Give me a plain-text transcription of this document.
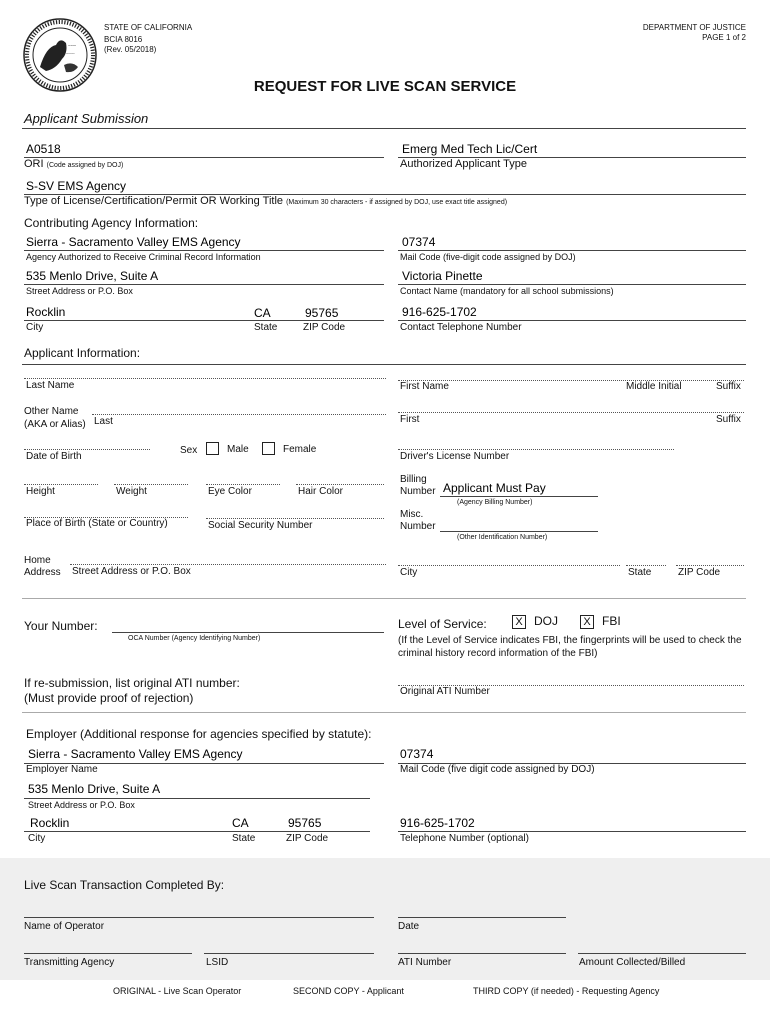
~~~
~~~~
STATE OF CALIFORNIA
BCIA 8016
(Rev. 05/2018)
DEPARTMENT OF JUSTICE
PAGE 1 of 2
REQUEST FOR LIVE SCAN SERVICE
Applicant Submission
A0518
ORI (Code assigned by DOJ)
Emerg Med Tech Lic/Cert
Authorized Applicant Type
S-SV EMS Agency
Type of License/Certification/Permit OR Working Title (Maximum 30 characters - if assigned by DOJ, use exact title assigned)
Contributing Agency Information:
Sierra - Sacramento Valley EMS Agency
Agency Authorized to Receive Criminal Record Information
07374
Mail Code (five-digit code assigned by DOJ)
535 Menlo Drive, Suite A
Street Address or P.O. Box
Victoria Pinette
Contact Name (mandatory for all school submissions)
Rocklin	CA	95765
City	State	ZIP Code
916-625-1702
Contact Telephone Number
Applicant Information:
Last Name	First Name	Middle Initial	Suffix
Other Name
(AKA or Alias) Last	First	Suffix
Date of Birth
Sex	Male	Female
Driver's License Number
Height	Weight	Eye Color	Hair Color
Billing
Number Applicant Must Pay
(Agency Billing Number)
Place of Birth (State or Country)	Social Security Number
Misc.
Number
(Other Identification Number)
Home
Address Street Address or P.O. Box	City	State	ZIP Code
Your Number:
OCA Number (Agency Identifying Number)
Level of Service:	X DOJ	X FBI
(If the Level of Service indicates FBI, the fingerprints will be used to check the
criminal history record information of the FBI)
If re-submission, list original ATI number:
(Must provide proof of rejection)	Original ATI Number
Employer (Additional response for agencies specified by statute):
Sierra - Sacramento Valley EMS Agency
Employer Name
07374
Mail Code (five digit code assigned by DOJ)
535 Menlo Drive, Suite A
Street Address or P.O. Box
Rocklin	CA	95765
City	State	ZIP Code
916-625-1702
Telephone Number (optional)
Live Scan Transaction Completed By:
Name of Operator	Date
Transmitting Agency	LSID	ATI Number	Amount Collected/Billed
ORIGINAL - Live Scan Operator	SECOND COPY - Applicant	THIRD COPY (if needed) - Requesting Agency
